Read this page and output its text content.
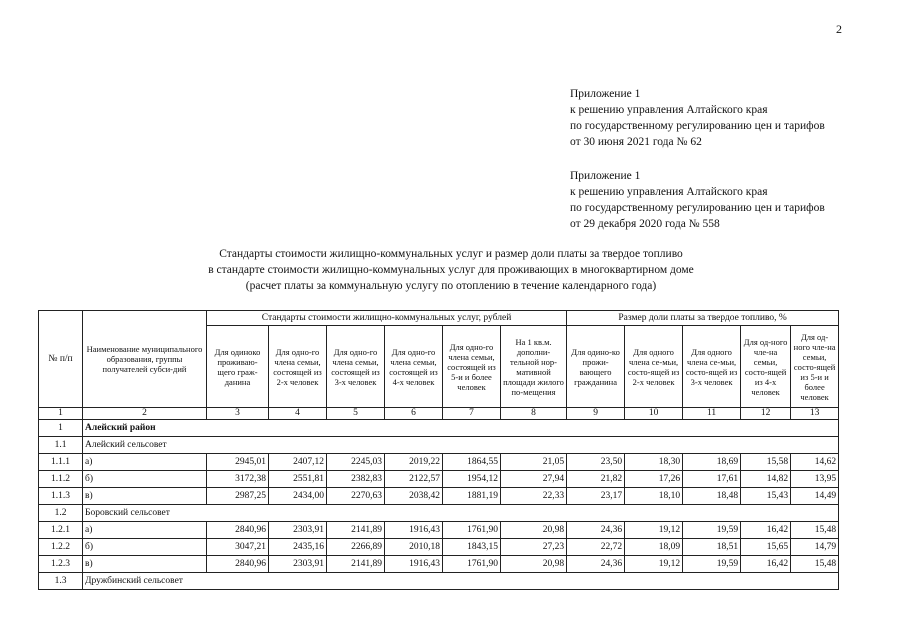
2
Приложение 1
к решению управления Алтайского края
по государственному регулированию цен и тарифов
от 30 июня 2021 года № 62
Приложение 1
к решению управления Алтайского края
по государственному регулированию цен и тарифов
от 29 декабря 2020 года № 558
Стандарты стоимости жилищно-коммунальных услуг и размер доли платы за твердое топливо
в стандарте стоимости жилищно-коммунальных услуг для проживающих в многоквартирном доме
(расчет платы за коммунальную услугу по отоплению в течение календарного года)
№ п/п	Наименование муниципального образования, группы получателей субси-дий	Стандарты стоимости жилищно-коммунальных услуг, рублей						Размер доли платы за твердое топливо, %				
		Для одиноко проживаю-щего граж-данина	Для одно-го члена семьи, состоящей из 2-х человек	Для одно-го члена семьи, состоящей из 3-х человек	Для одно-го члена семьи, состоящей из 4-х человек	Для одно-го члена семьи, состоящей из 5-и и более человек	На 1 кв.м. дополни-тельной нор-мативной площади жилого по-мещения	Для одино-ко прожи-вающего гражданина	Для одного члена се-мьи, состо-ящей из 2-х человек	Для одного члена се-мьи, состо-ящей из 3-х человек	Для од-ного чле-на семьи, состо-ящей из 4-х человек	Для од-ного чле-на семьи, состо-ящей из 5-и и более человек
1	2	3	4	5	6	7	8	9	10	11	12	13
1	Алейский район											
1.1	Алейский сельсовет											
1.1.1	а)	2945,01	2407,12	2245,03	2019,22	1864,55	21,05	23,50	18,30	18,69	15,58	14,62
1.1.2	б)	3172,38	2551,81	2382,83	2122,57	1954,12	27,94	21,82	17,26	17,61	14,82	13,95
1.1.3	в)	2987,25	2434,00	2270,63	2038,42	1881,19	22,33	23,17	18,10	18,48	15,43	14,49
1.2	Боровский сельсовет											
1.2.1	а)	2840,96	2303,91	2141,89	1916,43	1761,90	20,98	24,36	19,12	19,59	16,42	15,48
1.2.2	б)	3047,21	2435,16	2266,89	2010,18	1843,15	27,23	22,72	18,09	18,51	15,65	14,79
1.2.3	в)	2840,96	2303,91	2141,89	1916,43	1761,90	20,98	24,36	19,12	19,59	16,42	15,48
1.3	Дружбинский сельсовет											
